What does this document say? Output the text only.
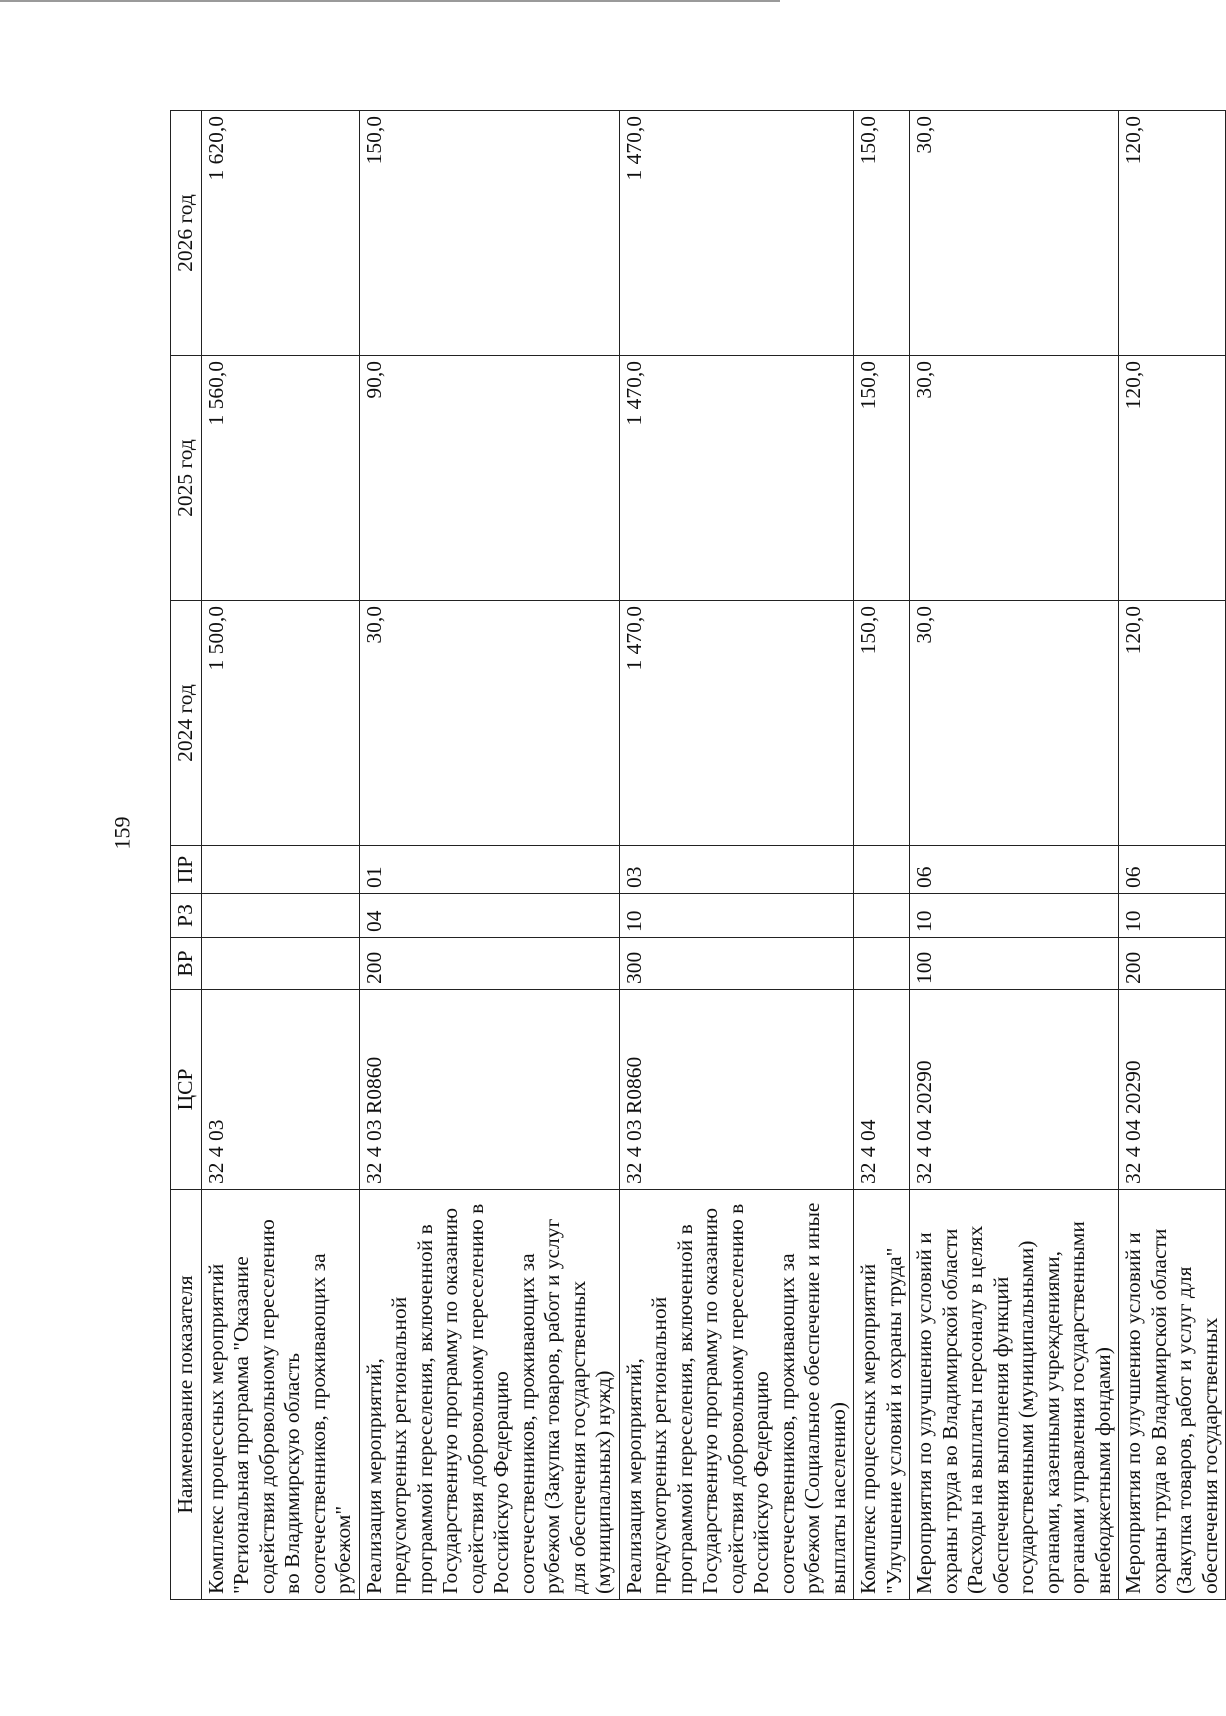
159
Наименование показателя	ЦСР	ВР	РЗ	ПР	2024 год	2025 год	2026 год
Комплекс процессных мероприятий "Региональная программа "Оказание содействия добровольному переселению во Владимирскую область соотечественников, проживающих за рубежом"	32 4 03				1 500,0	1 560,0	1 620,0
Реализация мероприятий, предусмотренных региональной программой переселения, включенной в Государственную программу по оказанию содействия добровольному переселению в Российскую Федерацию соотечественников, проживающих за рубежом (Закупка товаров, работ и услуг для обеспечения государственных (муниципальных) нужд)	32 4 03 R0860	200	04	01	30,0	90,0	150,0
Реализация мероприятий, предусмотренных региональной программой переселения, включенной в Государственную программу по оказанию содействия добровольному переселению в Российскую Федерацию соотечественников, проживающих за рубежом (Социальное обеспечение и иные выплаты населению)	32 4 03 R0860	300	10	03	1 470,0	1 470,0	1 470,0
Комплекс процессных мероприятий "Улучшение условий и охраны труда"	32 4 04				150,0	150,0	150,0
Мероприятия по улучшению условий и охраны труда во Владимирской области (Расходы на выплаты персоналу в целях обеспечения выполнения функций государственными (муниципальными) органами, казенными учреждениями, органами управления государственными внебюджетными фондами)	32 4 04 20290	100	10	06	30,0	30,0	30,0
Мероприятия по улучшению условий и охраны труда во Владимирской области (Закупка товаров, работ и услуг для обеспечения государственных	32 4 04 20290	200	10	06	120,0	120,0	120,0
